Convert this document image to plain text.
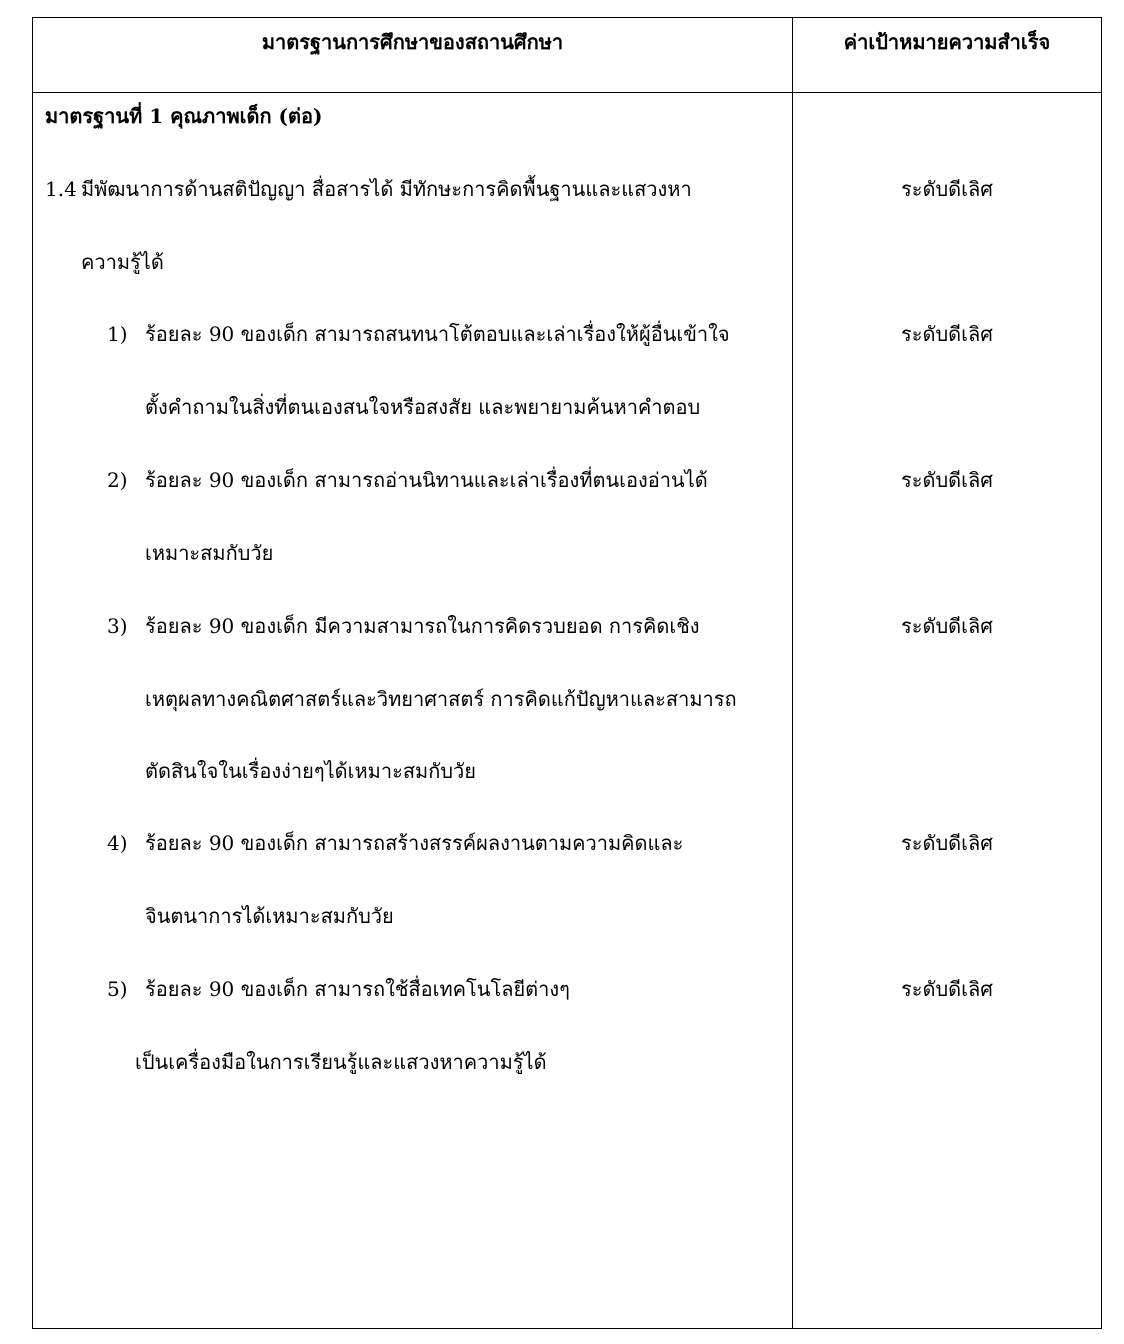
มาตรฐานการศึกษาของสถานศึกษา	ค่าเป้าหมายความสำเร็จ
มาตรฐานที่ 1 คุณภาพเด็ก (ต่อ)
1.4 มีพัฒนาการด้านสติปัญญา สื่อสารได้ มีทักษะการคิดพื้นฐานและแสวงหา
ความรู้ได้
ระดับดีเลิศ
1) ร้อยละ 90 ของเด็ก สามารถสนทนาโต้ตอบและเล่าเรื่องให้ผู้อื่นเข้าใจ
ตั้งคำถามในสิ่งที่ตนเองสนใจหรือสงสัย และพยายามค้นหาคำตอบ
ระดับดีเลิศ
2) ร้อยละ 90 ของเด็ก สามารถอ่านนิทานและเล่าเรื่องที่ตนเองอ่านได้
เหมาะสมกับวัย
ระดับดีเลิศ
3) ร้อยละ 90 ของเด็ก มีความสามารถในการคิดรวบยอด การคิดเชิง
เหตุผลทางคณิตศาสตร์และวิทยาศาสตร์ การคิดแก้ปัญหาและสามารถ
ตัดสินใจในเรื่องง่ายๆได้เหมาะสมกับวัย
ระดับดีเลิศ
4) ร้อยละ 90 ของเด็ก สามารถสร้างสรรค์ผลงานตามความคิดและ
จินตนาการได้เหมาะสมกับวัย
ระดับดีเลิศ
5) ร้อยละ 90 ของเด็ก สามารถใช้สื่อเทคโนโลยีต่างๆ
เป็นเครื่องมือในการเรียนรู้และแสวงหาความรู้ได้
ระดับดีเลิศ
